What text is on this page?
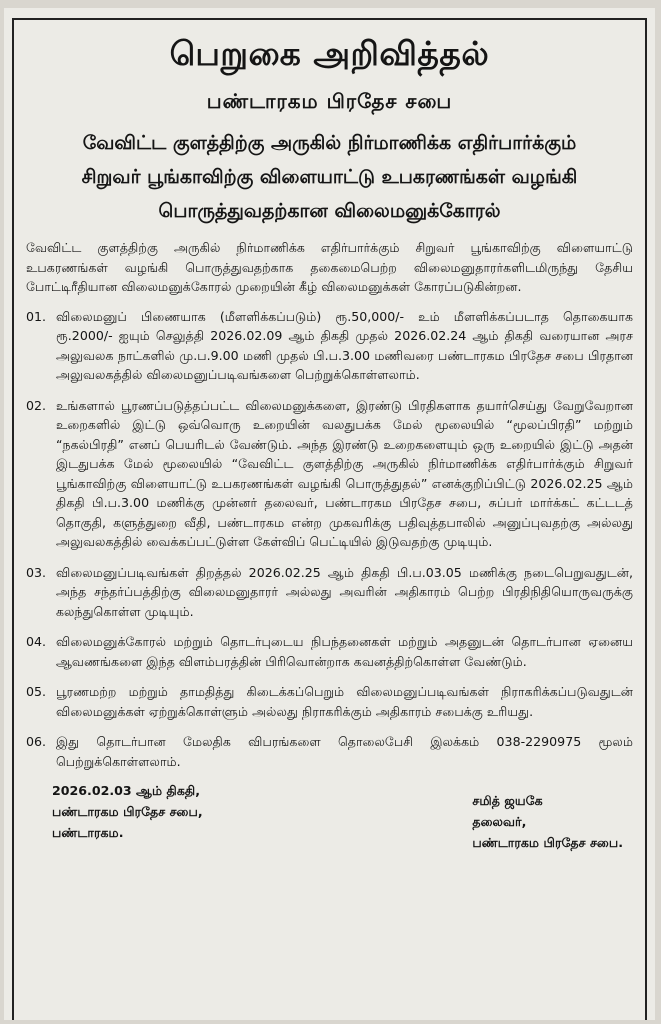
பெறுகை அறிவித்தல்
பண்டாரகம பிரதேச சபை
வேவிட்ட குளத்திற்கு அருகில் நிர்மாணிக்க எதிர்பார்க்கும்
சிறுவர் பூங்காவிற்கு விளையாட்டு உபகரணங்கள் வழங்கி
பொருத்துவதற்கான விலைமனுக்கோரல்
வேவிட்ட குளத்திற்கு அருகில் நிர்மாணிக்க எதிர்பார்க்கும் சிறுவர் பூங்காவிற்கு விளையாட்டு உபகரணங்கள் வழங்கி பொருத்துவதற்காக தகைமைபெற்ற விலைமனுதாரர்களிடமிருந்து தேசிய போட்டிரீதியான விலைமனுக்கோரல் முறையின் கீழ் விலைமனுக்கள் கோரப்படுகின்றன.
01. விலைமனுப் பிணையாக (மீளளிக்கப்படும்) ரூ.50,000/- உம் மீளளிக்கப்படாத தொகையாக ரூ.2000/- ஐயும் செலுத்தி 2026.02.09 ஆம் திகதி முதல் 2026.02.24 ஆம் திகதி வரையான அரச அலுவலக நாட்களில் மு.ப.9.00 மணி முதல் பி.ப.3.00 மணிவரை பண்டாரகம பிரதேச சபை பிரதான அலுவலகத்தில் விலைமனுப்படிவங்களை பெற்றுக்கொள்ளலாம்.
02. உங்களால் பூரணப்படுத்தப்பட்ட விலைமனுக்களை, இரண்டு பிரதிகளாக தயார்செய்து வேறுவேறான உறைகளில் இட்டு ஒவ்வொரு உறையின் வலதுபக்க மேல் மூலையில் “மூலப்பிரதி” மற்றும் “நகல்பிரதி” எனப் பெயரிடல் வேண்டும். அந்த இரண்டு உறைகளையும் ஒரு உறையில் இட்டு அதன் இடதுபக்க மேல் மூலையில் “வேவிட்ட குளத்திற்கு அருகில் நிர்மாணிக்க எதிர்பார்க்கும் சிறுவர் பூங்காவிற்கு விளையாட்டு உபகரணங்கள் வழங்கி பொருத்துதல்” எனக்குறிப்பிட்டு 2026.02.25 ஆம் திகதி பி.ப.3.00 மணிக்கு முன்னர் தலைவர், பண்டாரகம பிரதேச சபை, சுப்பர் மார்க்கட் கட்டடத் தொகுதி, களுத்துறை வீதி, பண்டாரகம என்ற முகவரிக்கு பதிவுத்தபாலில் அனுப்புவதற்கு அல்லது அலுவலகத்தில் வைக்கப்பட்டுள்ள கேள்விப் பெட்டியில் இடுவதற்கு முடியும்.
03. விலைமனுப்படிவங்கள் திறத்தல் 2026.02.25 ஆம் திகதி பி.ப.03.05 மணிக்கு நடைபெறுவதுடன், அந்த சந்தர்ப்பத்திற்கு விலைமனுதாரர் அல்லது அவரின் அதிகாரம் பெற்ற பிரதிநிதியொருவருக்கு கலந்துகொள்ள முடியும்.
04. விலைமனுக்கோரல் மற்றும் தொடர்புடைய நிபந்தனைகள் மற்றும் அதனுடன் தொடர்பான ஏனைய ஆவணங்களை இந்த விளம்பரத்தின் பிரிவொன்றாக கவனத்திற்கொள்ள வேண்டும்.
05. பூரணமற்ற மற்றும் தாமதித்து கிடைக்கப்பெறும் விலைமனுப்படிவங்கள் நிராகரிக்கப்படுவதுடன் விலைமனுக்கள் ஏற்றுக்கொள்ளும் அல்லது நிராகரிக்கும் அதிகாரம் சபைக்கு உரியது.
06. இது தொடர்பான மேலதிக விபரங்களை தொலைபேசி இலக்கம் 038-2290975 மூலம் பெற்றுக்கொள்ளலாம்.
2026.02.03 ஆம் திகதி,
பண்டாரகம பிரதேச சபை,
பண்டாரகம.
சமித் ஜயகே
தலைவர்,
பண்டாரகம பிரதேச சபை.
